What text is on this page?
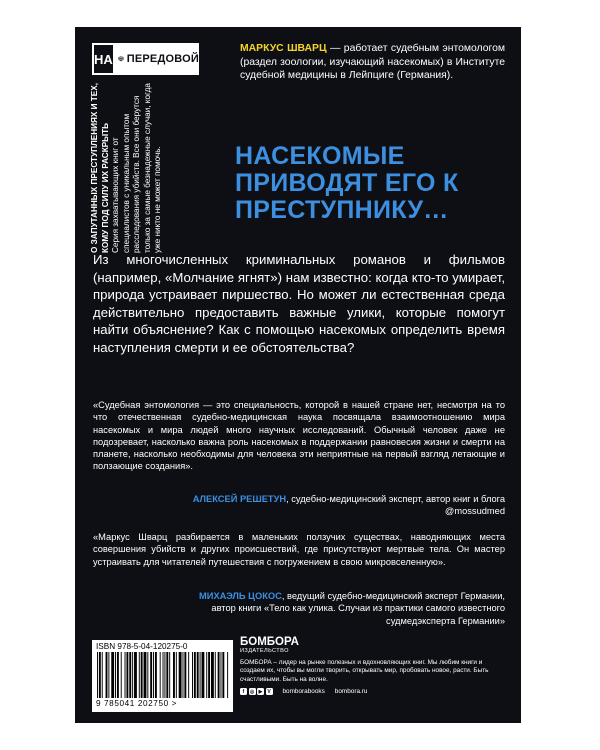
НА ПЕРЕДОВОЙ
О ЗАПУТАННЫХ ПРЕСТУПЛЕНИЯХ И ТЕХ, КОМУ ПОД СИЛУ ИХ РАСКРЫТЬ Серия захватывающих книг от специалистов с уникальным опытом расследования убийств. Все они берутся только за самые безнадежные случаи, когда уже никто не может помочь.
МАРКУС ШВАРЦ — работает судебным энтомологом (раздел зоологии, изучающий насекомых) в Институте судебной медицины в Лейпциге (Германия).
НАСЕКОМЫЕ ПРИВОДЯТ ЕГО К ПРЕСТУПНИКУ…
Из многочисленных криминальных романов и фильмов (например, «Молчание ягнят») нам известно: когда кто-то умирает, природа устраивает пиршество. Но может ли естественная среда действительно предоставить важные улики, которые помогут найти объяснение? Как с помощью насекомых определить время наступления смерти и ее обстоятельства?
«Судебная энтомология — это специальность, которой в нашей стране нет, несмотря на то что отечественная судебно-медицинская наука посвящала взаимоотношению мира насекомых и мира людей много научных исследований. Обычный человек даже не подозревает, насколько важна роль насекомых в поддержании равновесия жизни и смерти на планете, насколько необходимы для человека эти неприятные на первый взгляд летающие и ползающие создания».
АЛЕКСЕЙ РЕШЕТУН, судебно-медицинский эксперт, автор книг и блога @mossudmed
«Маркус Шварц разбирается в маленьких ползучих существах, наводняющих места совершения убийств и других происшествий, где присутствуют мертвые тела. Он мастер устраивать для читателей путешествия с погружением в свою микровселенную».
МИХАЭЛЬ ЦОКОС, ведущий судебно-медицинский эксперт Германии, автор книги «Тело как улика. Случаи из практики самого известного судмедэксперта Германии»
ISBN 978-5-04-120275-0
9 785041 202750 >
БОМБОРА
ИЗДАТЕЛЬСТВО
БОМБОРА – лидер на рынке полезных и вдохновляющих книг. Мы любим книги и создаем их, чтобы вы могли творить, открывать мир, пробовать новое, расти. Быть счастливыми. Быть на волне.
f	◎ ▶ V bomborabooks bombora.ru
